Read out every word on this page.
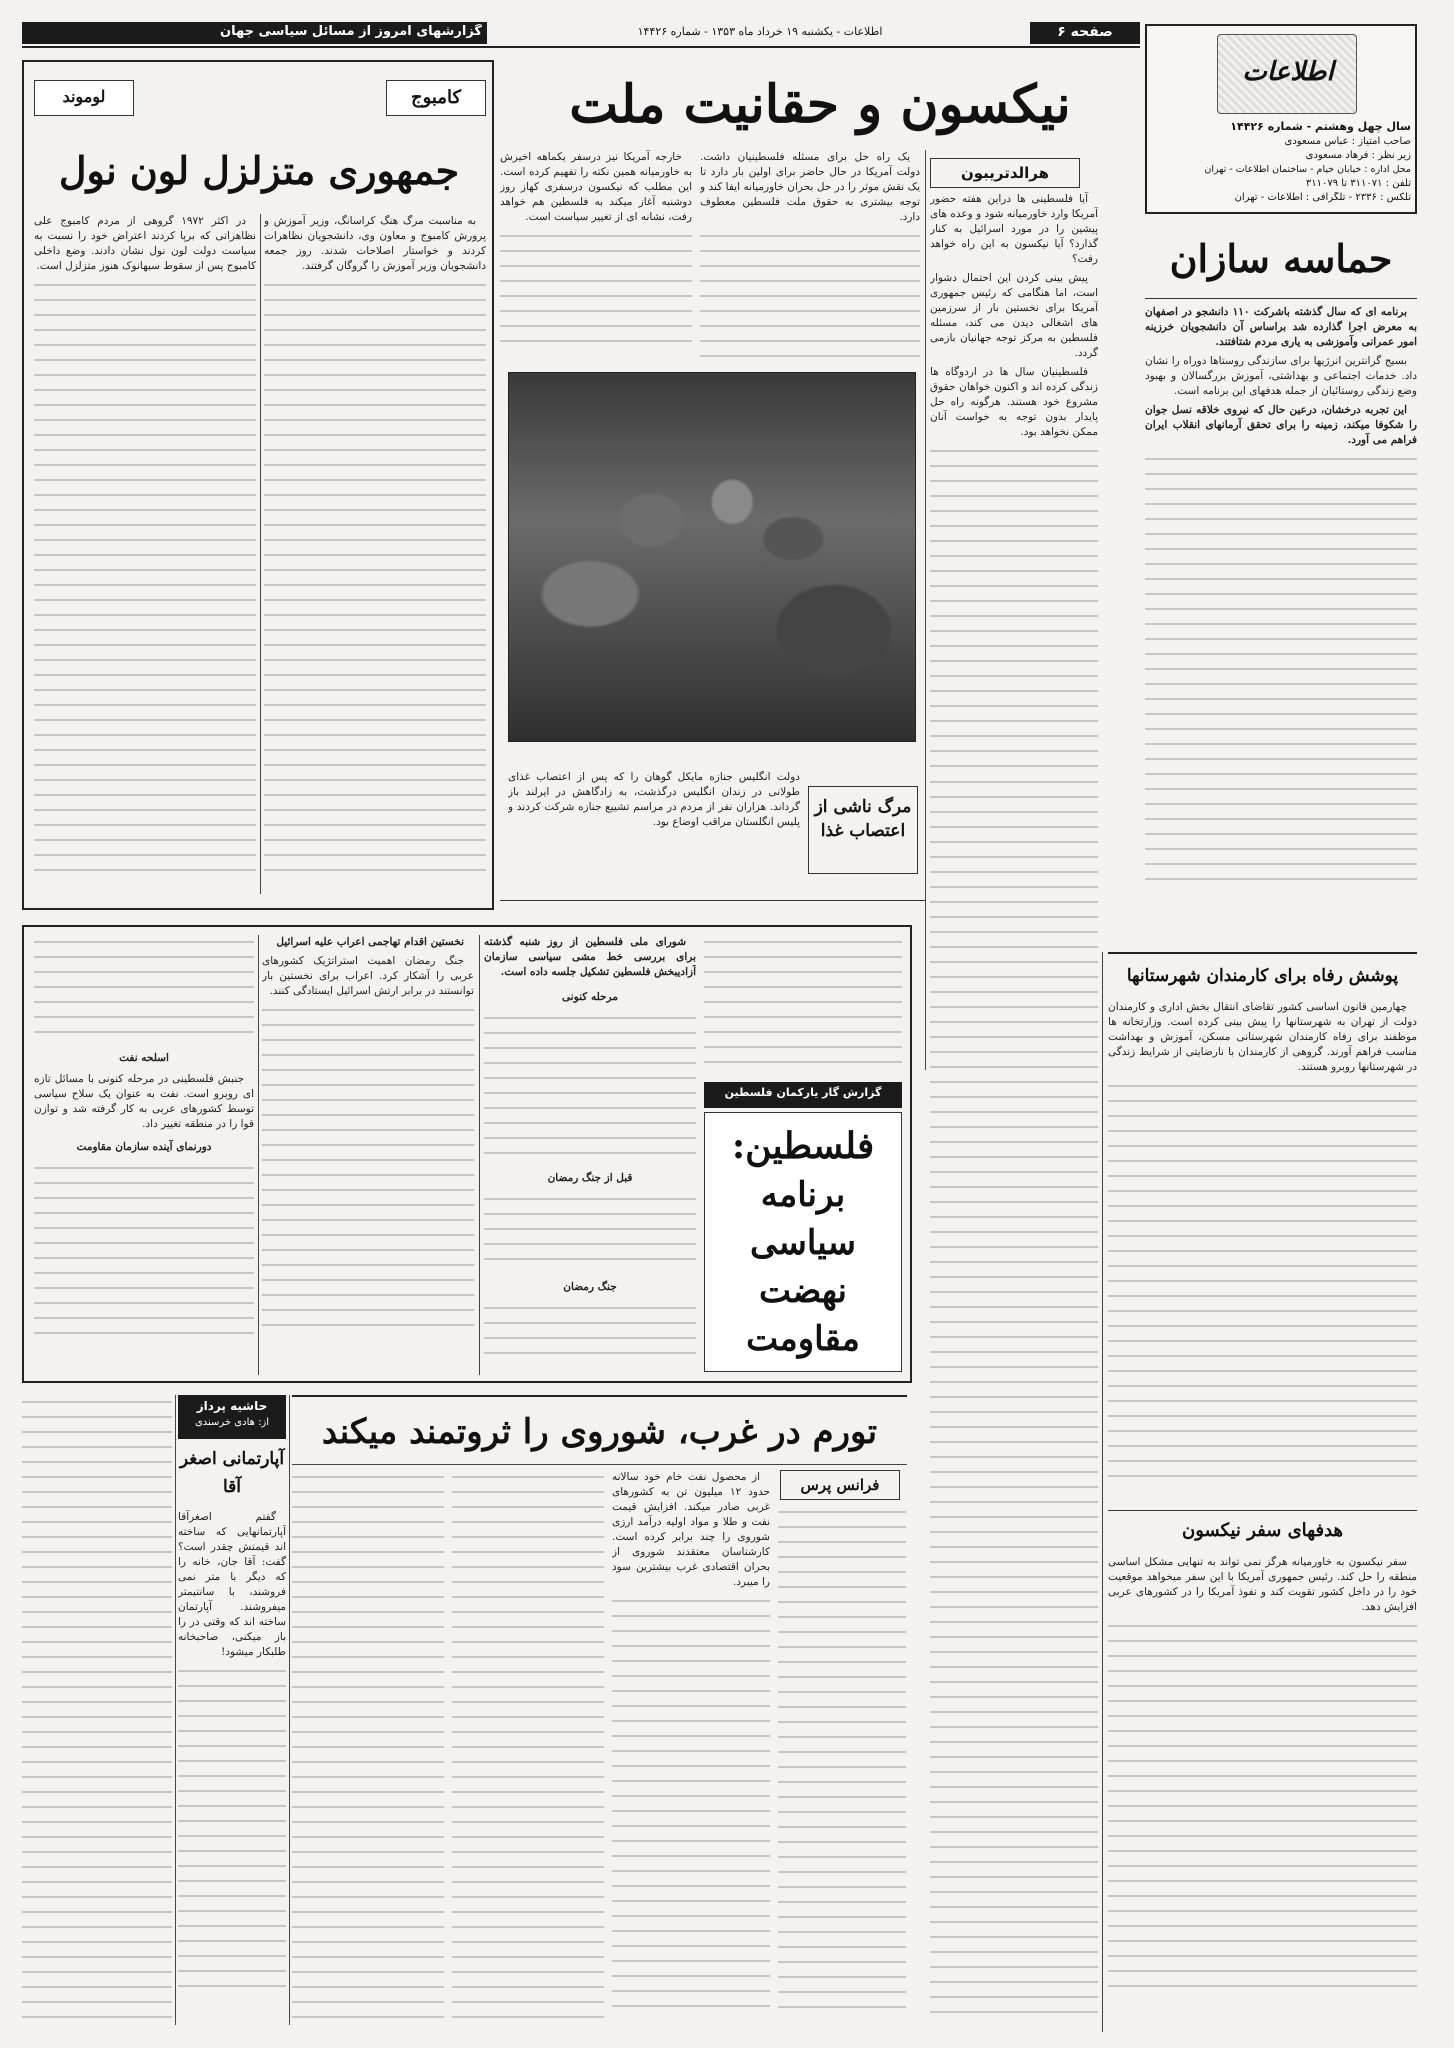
گزارشهای امروز از مسائل سیاسی جهان	اطلاعات - یکشنبه ۱۹ خرداد ماه ۱۳۵۳ - شماره ۱۴۴۲۶	صفحه ۶
اطلاعات
سال چهل وهشتم - شماره ۱۴۴۲۶
صاحب امتیاز : عباس مسعودی
زیر نظر : فرهاد مسعودی
محل اداره : خیابان خیام - ساختمان اطلاعات - تهران
تلفن : ۳۱۱۰۷۱ تا ۳۱۱۰۷۹
تلکس : ۲۳۳۶ - تلگرافی : اطلاعات - تهران
نیکسون و حقانیت ملت
هرالدتریبون

آیا فلسطینی ها دراین هفته حضور آمریکا وارد خاورمیانه شود و وعده های پیشین را در مورد اسرائیل به کنار گذارد؟ آیا نیکسون به این راه خواهد رفت؟

پیش بینی کردن این احتمال دشوار است، اما هنگامی که رئیس جمهوری آمریکا برای نخستین بار از سرزمین های اشغالی دیدن می کند، مسئله فلسطین به مرکز توجه جهانیان بازمی گردد.

فلسطینیان سال ها در اردوگاه ها زندگی کرده اند و اکنون خواهان حقوق مشروع خود هستند. هرگونه راه حل پایدار بدون توجه به خواست آنان ممکن نخواهد بود.

یک راه حل برای مسئله فلسطینیان داشت. دولت آمریکا در حال حاضر برای اولین بار دارد تا یک نقش موثر را در حل بحران خاورمیانه ایفا کند و توجه بیشتری به حقوق ملت فلسطین معطوف دارد.

خارجه آمریکا نیز درسفر یکماهه اخیرش به خاورمیانه همین نکته را تفهیم کرده است. این مطلب که نیکسون درسفری کهاز روز دوشنبه آغاز میکند به فلسطین هم خواهد رفت، نشانه ای از تغییر سیاست است.

مرگ ناشی از اعتصاب غذا
دولت انگلیس جنازه مایکل گوهان را که پس از اعتصاب غذای طولانی در زندان انگلیس درگذشت، به زادگاهش در ایرلند باز گرداند. هزاران نفر از مردم در مراسم تشییع جنازه شرکت کردند و پلیس انگلستان مراقب اوضاع بود.
کامبوج
لوموند
جمهوری متزلزل لون نول

به مناسبت مرگ هنگ کراسانگ، وزیر آموزش و پرورش کامبوج و معاون وی، دانشجویان نظاهرات کردند و خواستار اصلاحات شدند. روز جمعه دانشجویان وزیر آموزش را گروگان گرفتند.

در اکثر ۱۹۷۲ گروهی از مردم کامبوج علی نظاهراتی که برپا کردند اعتراض خود را نسبت به سیاست دولت لون نول نشان دادند. وضع داخلی کامبوج پس از سقوط سیهانوک هنوز متزلزل است.	حماسه سازان

برنامه ای که سال گذشته باشرکت ۱۱۰ دانشجو در اصفهان به معرض اجرا گذارده شد براساس آن دانشجویان خرزینه امور عمرانی وآموزشی به یاری مردم شتافتند.

بسیج گرانترین انرژیها برای سازندگی روستاها دوراه را نشان داد. خدمات اجتماعی و بهداشتی، آموزش بزرگسالان و بهبود وضع زندگی روستائیان از جمله هدفهای این برنامه است.

این تجربه درخشان، درعین حال که نیروی خلاقه نسل جوان را شکوفا میکند، زمینه را برای تحقق آرمانهای انقلاب ایران فراهم می آورد.

پوشش رفاه برای کارمندان شهرستانها

چهارمین قانون اساسی کشور تقاضای انتقال بخش اداری و کارمندان دولت از تهران به شهرستانها را پیش بینی کرده است. وزارتخانه ها موظفند برای رفاه کارمندان شهرستانی مسکن، آموزش و بهداشت مناسب فراهم آورند. گروهی از کارمندان با نارضایتی از شرایط زندگی در شهرستانها روبرو هستند.

هدفهای سفر نیکسون

سفر نیکسون به خاورمیانه هرگز نمی تواند به تنهایی مشکل اساسی منطقه را حل کند. رئیس جمهوری آمریکا با این سفر میخواهد موقعیت خود را در داخل کشور تقویت کند و نفوذ آمریکا را در کشورهای عربی افزایش دهد.

گزارش گار یارکمان فلسطین
فلسطین:
برنامه
سیاسی
نهضت
مقاومت

شورای ملی فلسطین از روز شنبه گذشته برای بررسی خط مشی سیاسی سازمان آزادیبخش فلسطین تشکیل جلسه داده است.

مرحله کنونی
قبل از جنگ رمضان
جنگ رمضان

نخستین اقدام تهاجمی اعراب علیه اسرائیل

جنگ رمضان اهمیت استراتژیک کشورهای عربی را آشکار کرد. اعراب برای نخستین بار توانستند در برابر ارتش اسرائیل ایستادگی کنند.

اسلحه نفت

جنبش فلسطینی در مرحله کنونی با مسائل تازه ای روبرو است. نفت به عنوان یک سلاح سیاسی توسط کشورهای عربی به کار گرفته شد و توازن قوا را در منطقه تغییر داد.

دورنمای آینده سازمان مقاومت
تورم در غرب، شوروی را ثروتمند میکند
فرانس پرس

از محصول نفت خام خود سالانه حدود ۱۲ میلیون تن به کشورهای غربی صادر میکند. افزایش قیمت نفت و طلا و مواد اولیه درآمد ارزی شوروی را چند برابر کرده است. کارشناسان معتقدند شوروی از بحران اقتصادی غرب بیشترین سود را میبرد.

حاشیه پرداز
از: هادی خرسندی
آپارتمانی اصغر آقا

گفتم اصغرآقا آپارتمانهایی که ساخته اند قیمتش چقدر است؟ گفت: آقا جان، خانه را که دیگر با متر نمی فروشند، با سانتیمتر میفروشند. آپارتمان ساخته اند که وقتی در را باز میکنی، صاحبخانه طلبکار میشود!
